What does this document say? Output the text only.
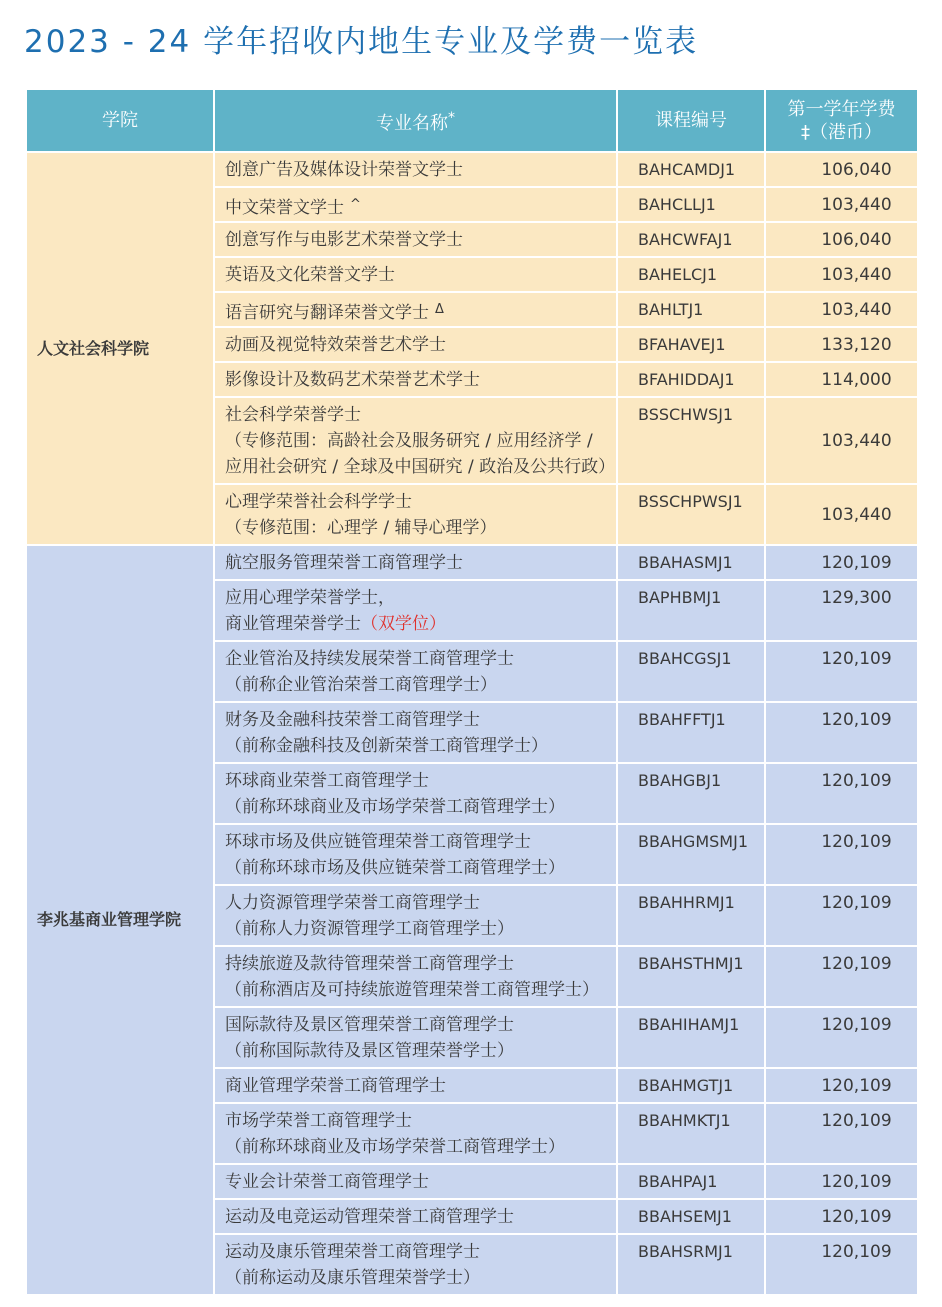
2023 - 24 学年招收内地生专业及学费一览表
学院	专业名称*	课程编号	第一学年学费
‡（港币）

人文社会科学院	创意广告及媒体设计荣誉文学士	BAHCAMDJ1	106,040

	中文荣誉文学士 ^	BAHCLLJ1	103,440

	创意写作与电影艺术荣誉文学士	BAHCWFAJ1	106,040

	英语及文化荣誉文学士	BAHELCJ1	103,440

	语言研究与翻译荣誉文学士 $^\Delta$	BAHLTJ1	103,440

	动画及视觉特效荣誉艺术学士	BFAHAVEJ1	133,120

	影像设计及数码艺术荣誉艺术学士	BFAHIDDAJ1	114,000

	社会科学荣誉学士
（专修范围：高龄社会及服务研究 / 应用经济学 /
应用社会研究 / 全球及中国研究 / 政治及公共行政）	BSSCHWSJ1	103,440

	心理学荣誉社会科学学士
（专修范围：心理学 / 辅导心理学）	BSSCHPWSJ1	103,440
李兆基商业管理学院	航空服务管理荣誉工商管理学士	BBAHASMJ1	120,109

	应用心理学荣誉学士，
商业管理荣誉学士（双学位）	BAPHBMJ1	129,300

	企业管治及持续发展荣誉工商管理学士
（前称企业管治荣誉工商管理学士）	BBAHCGSJ1	120,109

	财务及金融科技荣誉工商管理学士
（前称金融科技及创新荣誉工商管理学士）	BBAHFFTJ1	120,109

	环球商业荣誉工商管理学士
（前称环球商业及市场学荣誉工商管理学士）	BBAHGBJ1	120,109

	环球市场及供应链管理荣誉工商管理学士
（前称环球市场及供应链荣誉工商管理学士）	BBAHGMSMJ1	120,109

	人力资源管理学荣誉工商管理学士
（前称人力资源管理学工商管理学士）	BBAHHRMJ1	120,109

	持续旅遊及款待管理荣誉工商管理学士
（前称酒店及可持续旅遊管理荣誉工商管理学士）	BBAHSTHMJ1	120,109

	国际款待及景区管理荣誉工商管理学士
（前称国际款待及景区管理荣誉学士）	BBAHIHAMJ1	120,109

	商业管理学荣誉工商管理学士	BBAHMGTJ1	120,109

	市场学荣誉工商管理学士
（前称环球商业及市场学荣誉工商管理学士）	BBAHMKTJ1	120,109

	专业会计荣誉工商管理学士	BBAHPAJ1	120,109

	运动及电竞运动管理荣誉工商管理学士	BBAHSEMJ1	120,109

	运动及康乐管理荣誉工商管理学士
（前称运动及康乐管理荣誉学士）	BBAHSRMJ1	120,109
